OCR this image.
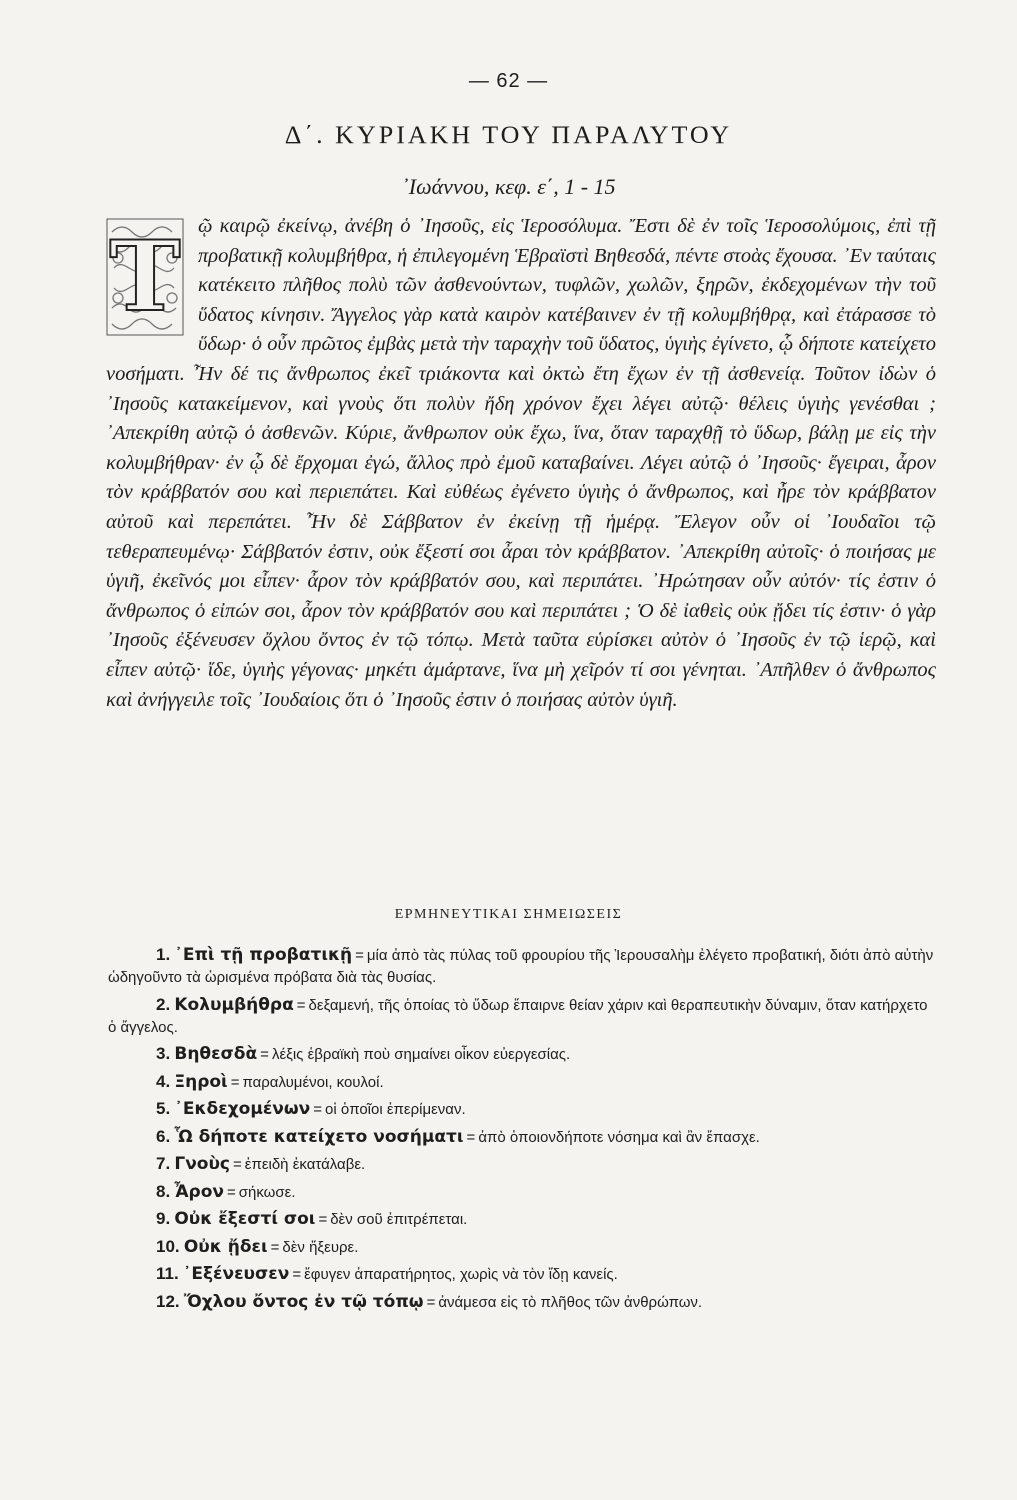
— 62 —
Δ΄. ΚΥΡΙΑΚΗ ΤΟΥ ΠΑΡΑΛΥΤΟΥ
᾿Ιωάννου, κεφ. ε΄, 1 - 15
Τ ῷ καιρῷ ἐκείνῳ, ἀνέβη ὁ ᾿Ιησοῦς, εἰς Ἱεροσόλυμα. Ἔστι δὲ ἐν τοῖς Ἱεροσολύμοις, ἐπὶ τῇ προβατικῇ κολυμβήθρα, ἡ ἐπιλεγομένη Ἑβραϊστὶ Βηθεσδά, πέντε στοὰς ἔχουσα. ᾿Εν ταύταις κατέκειτο πλῆθος πολὺ τῶν ἀσθενούντων, τυφλῶν, χωλῶν, ξηρῶν, ἐκδεχομένων τὴν τοῦ ὕδατος κίνησιν. Ἄγγελος γὰρ κατὰ καιρὸν κατέβαινεν ἐν τῇ κολυμβήθρᾳ, καὶ ἐτάρασσε τὸ ὕδωρ· ὁ οὖν πρῶτος ἐμβὰς μετὰ τὴν ταραχὴν τοῦ ὕδατος, ὑγιὴς ἐγίνετο, ᾧ δήποτε κατείχετο νοσήματι. Ἦν δέ τις ἄνθρωπος ἐκεῖ τριάκοντα καὶ ὀκτὼ ἔτη ἔχων ἐν τῇ ἀσθενείᾳ. Τοῦτον ἰδὼν ὁ ᾿Ιησοῦς κατακείμενον, καὶ γνοὺς ὅτι πολὺν ἤδη χρόνον ἔχει λέγει αὐτῷ· θέλεις ὑγιὴς γενέσθαι ; ᾿Απεκρίθη αὐτῷ ὁ ἀσθενῶν. Κύριε, ἄνθρωπον οὐκ ἔχω, ἵνα, ὅταν ταραχθῇ τὸ ὕδωρ, βάλῃ με εἰς τὴν κολυμβήθραν· ἐν ᾧ δὲ ἔρχομαι ἐγώ, ἄλλος πρὸ ἐμοῦ καταβαίνει. Λέγει αὐτῷ ὁ ᾿Ιησοῦς· ἔγειραι, ἆρον τὸν κράββατόν σου καὶ περιεπάτει. Καὶ εὐθέως ἐγένετο ὑγιὴς ὁ ἄνθρωπος, καὶ ἦρε τὸν κράββατον αὐτοῦ καὶ περεπάτει. Ἦν δὲ Σάββατον ἐν ἐκείνῃ τῇ ἡμέρᾳ. Ἔλεγον οὖν οἱ ᾿Ιουδαῖοι τῷ τεθεραπευμένῳ· Σάββατόν ἐστιν, οὐκ ἔξεστί σοι ἆραι τὸν κράββατον. ᾿Απεκρίθη αὐτοῖς· ὁ ποιήσας με ὑγιῆ, ἐκεῖνός μοι εἶπεν· ἆρον τὸν κράββατόν σου, καὶ περιπάτει. ᾿Ηρώτησαν οὖν αὐτόν· τίς ἐστιν ὁ ἄνθρωπος ὁ εἰπών σοι, ἆρον τὸν κράββατόν σου καὶ περιπάτει ; Ὁ δὲ ἰαθεὶς οὐκ ᾔδει τίς ἐστιν· ὁ γὰρ ᾿Ιησοῦς ἐξένευσεν ὄχλου ὄντος ἐν τῷ τόπῳ. Μετὰ ταῦτα εὑρίσκει αὐτὸν ὁ ᾿Ιησοῦς ἐν τῷ ἱερῷ, καὶ εἶπεν αὐτῷ· ἴδε, ὑγιὴς γέγονας· μηκέτι ἁμάρτανε, ἵνα μὴ χεῖρόν τί σοι γένηται. ᾿Απῆλθεν ὁ ἄνθρωπος καὶ ἀνήγγειλε τοῖς ᾿Ιουδαίοις ὅτι ὁ ᾿Ιησοῦς ἐστιν ὁ ποιήσας αὐτὸν ὑγιῆ.
ΕΡΜΗΝΕΥΤΙΚΑΙ ΣΗΜΕΙΩΣΕΙΣ
1. ᾿Επὶ τῇ προβατικῇ = μία ἀπὸ τὰς πύλας τοῦ φρουρίου τῆς Ἱερουσαλὴμ ἐλέγετο προβατική, διότι ἀπὸ αὐτὴν ὡδηγοῦντο τὰ ὡρισμένα πρόβατα διὰ τὰς θυσίας.
2. Κολυμβήθρα = δεξαμενή, τῆς ὁποίας τὸ ὕδωρ ἔπαιρνε θείαν χάριν καὶ θεραπευτικὴν δύναμιν, ὅταν κατήρχετο ὁ ἄγγελος.
3. Βηθεσδὰ = λέξις ἑβραϊκὴ ποὺ σημαίνει οἶκον εὐεργεσίας.
4. Ξηροὶ = παραλυμένοι, κουλοί.
5. ᾿Εκδεχομένων = οἱ ὁποῖοι ἐπερίμεναν.
6. Ὧ δήποτε κατείχετο νοσήματι = ἀπὸ ὁποιονδήποτε νόσημα καὶ ἂν ἔπασχε.
7. Γνοὺς = ἐπειδὴ ἐκατάλαβε.
8. Ἆρον = σήκωσε.
9. Οὐκ ἔξεστί σοι = δὲν σοῦ ἐπιτρέπεται.
10. Οὐκ ᾔδει = δὲν ἤξευρε.
11. ᾿Εξένευσεν = ἔφυγεν ἀπαρατήρητος, χωρὶς νὰ τὸν ἴδῃ κανείς.
12. Ὄχλου ὄντος ἐν τῷ τόπῳ = ἀνάμεσα εἰς τὸ πλῆθος τῶν ἀνθρώπων.
